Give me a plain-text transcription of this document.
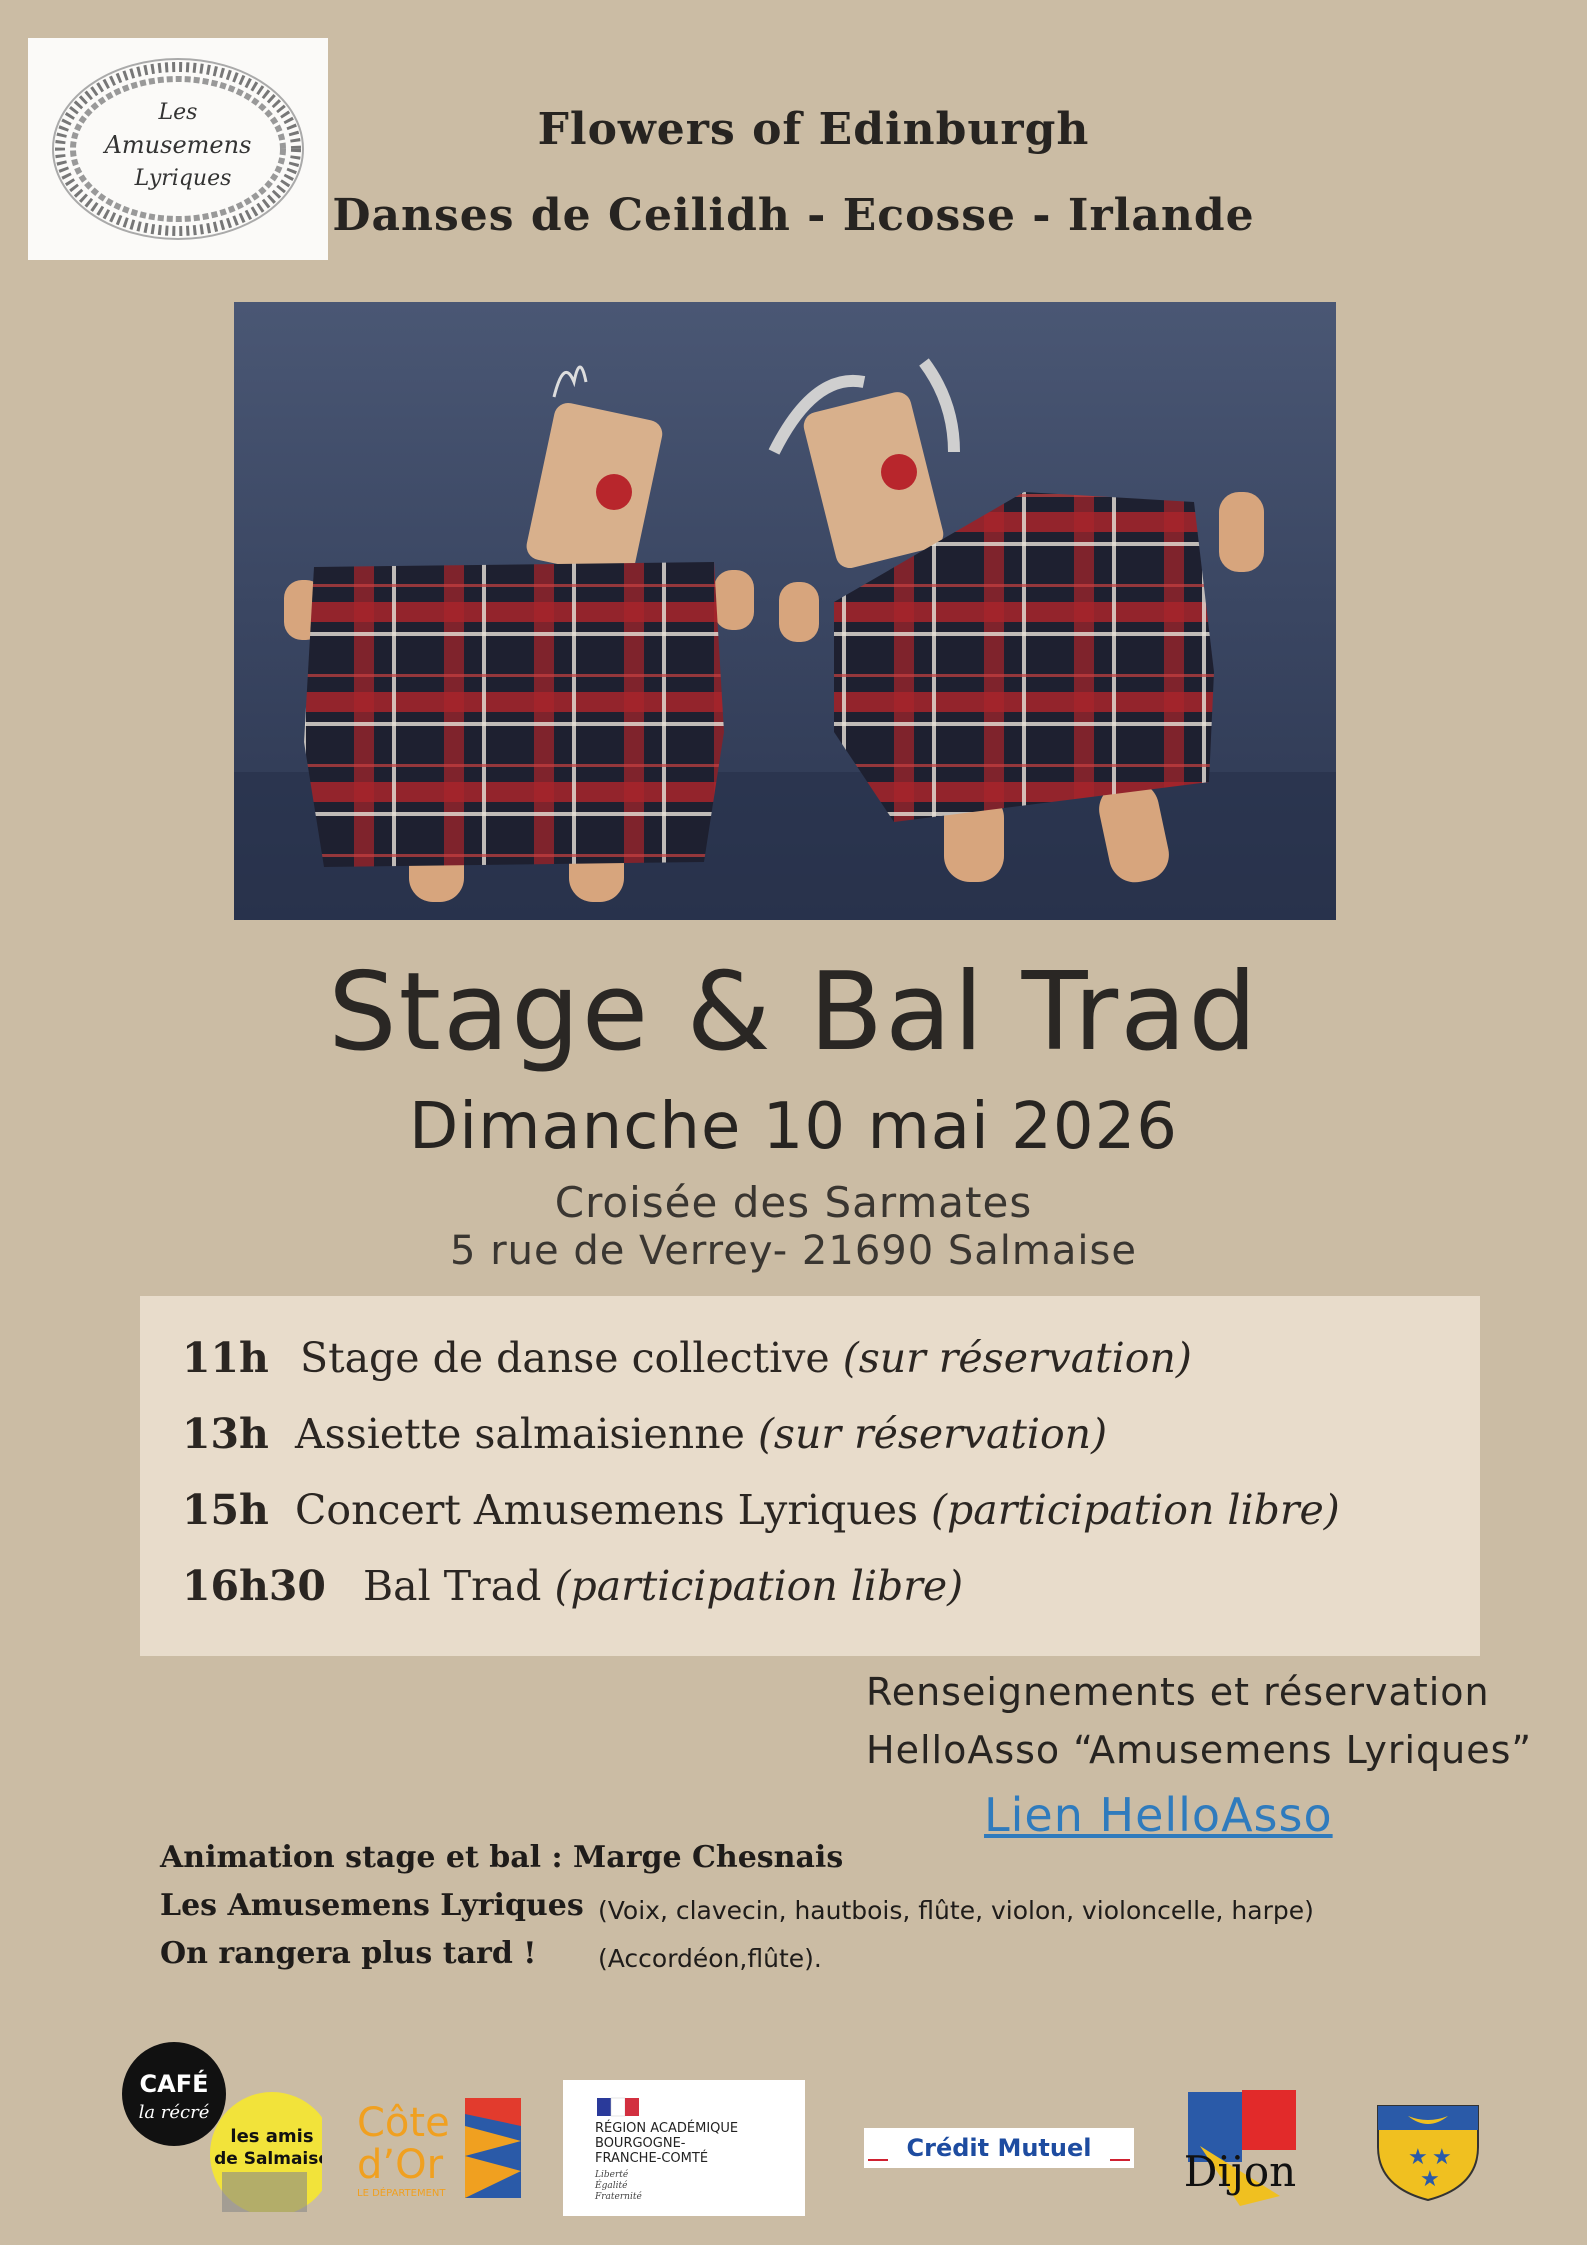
Les
Amusemens
Lyriques
Flowers of Edinburgh
Danses de Ceilidh - Ecosse - Irlande
Stage & Bal Trad
Dimanche 10 mai 2026
Croisée des Sarmates
5 rue de Verrey- 21690 Salmaise
11h Stage de danse collective (sur réservation)
13h Assiette salmaisienne (sur réservation)
15h Concert Amusemens Lyriques (participation libre)
16h30 Bal Trad (participation libre)
Renseignements et réservation
HelloAsso “Amusemens Lyriques”
Lien HelloAsso
Animation stage et bal : Marge Chesnais
Les Amusemens Lyriques (Voix, clavecin, hautbois, flûte, violon, violoncelle, harpe)
On rangera plus tard ! (Accordéon,flûte).
les amis
de Salmaise
CAFÉ
la récré	Côte
d’Or
LE DÉPARTEMENT
RÉGION ACADÉMIQUE
BOURGOGNE-
FRANCHE-COMTÉ
Liberté
Égalité
Fraternité
Crédit Mutuel Dijon	★ ★
★
